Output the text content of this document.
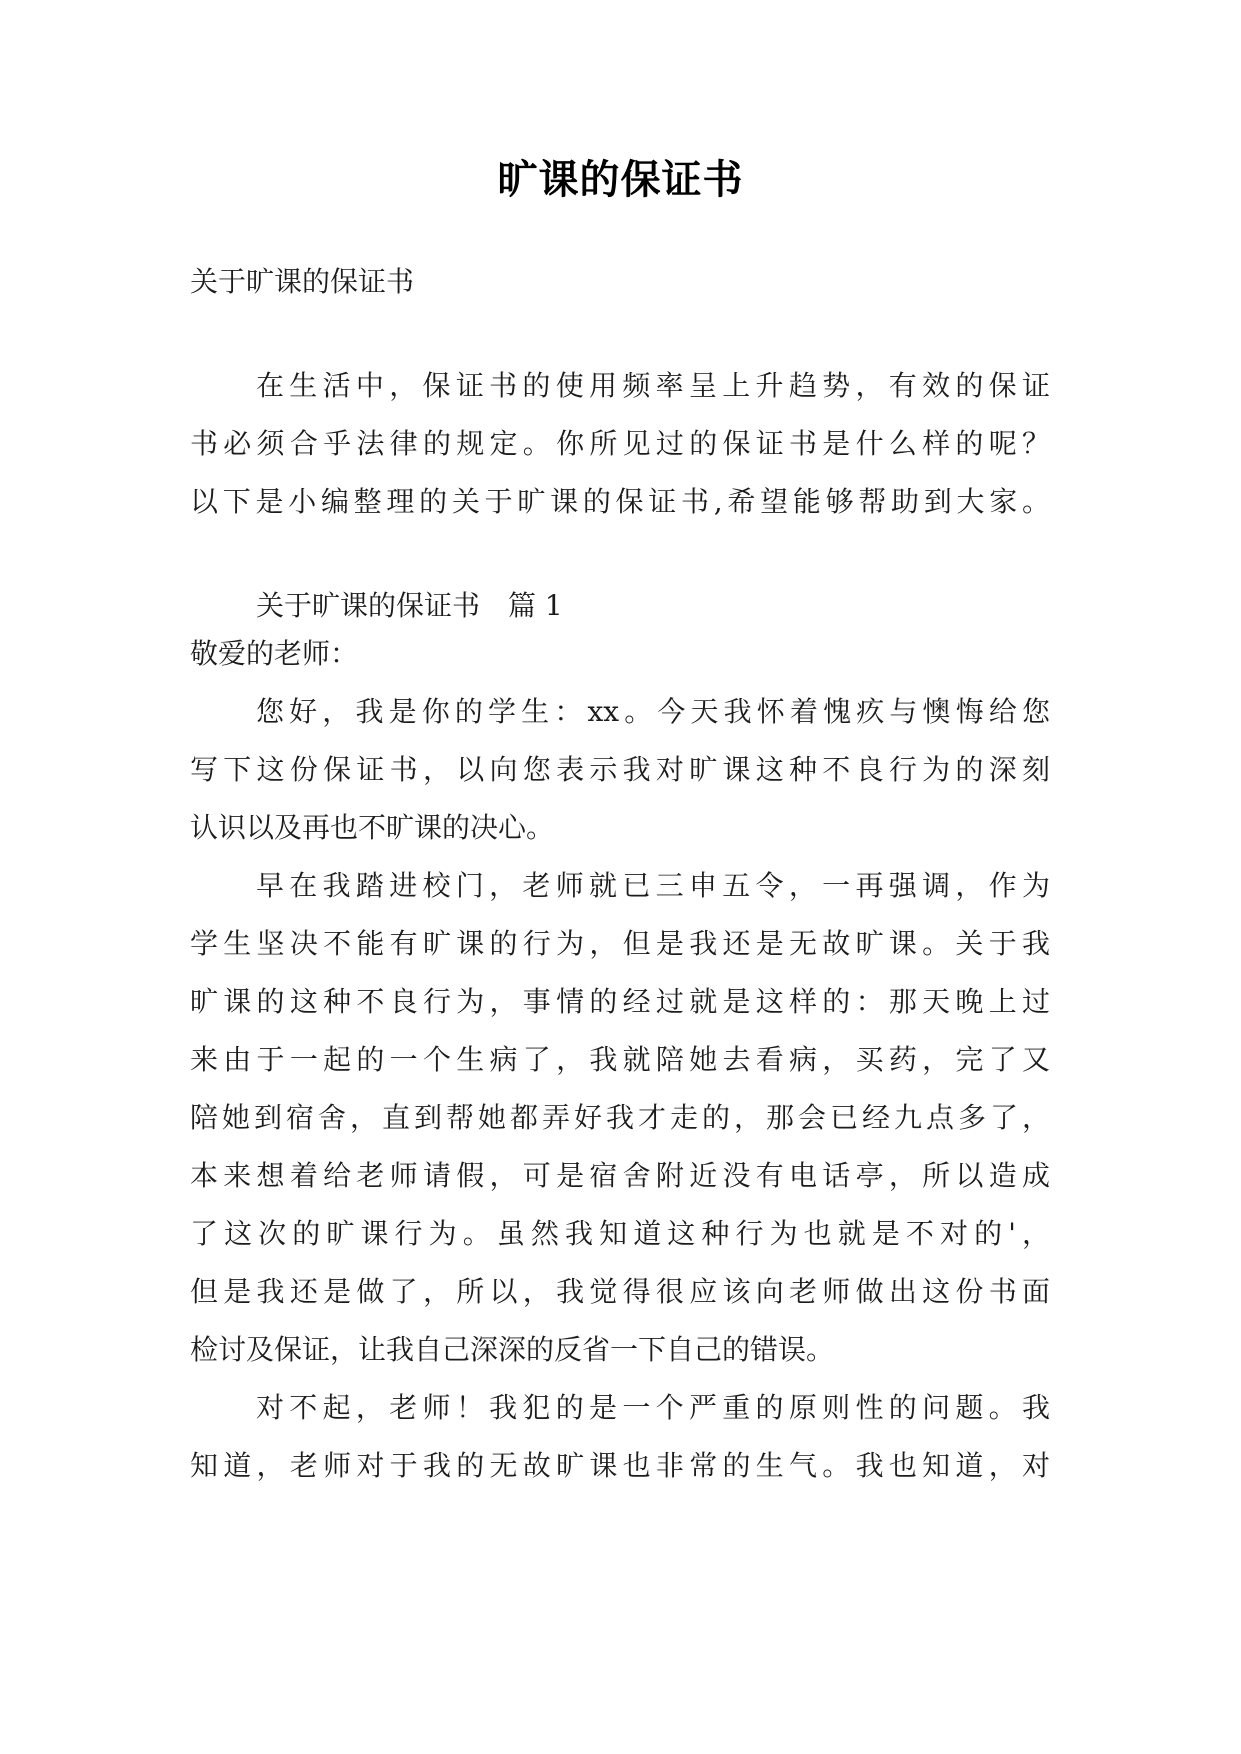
旷课的保证书
关于旷课的保证书
在生活中，保证书的使用频率呈上升趋势，有效的保证
书必须合乎法律的规定。你所见过的保证书是什么样的呢？
以下是小编整理的关于旷课的保证书,希望能够帮助到大家。
关于旷课的保证书　篇 1
敬爱的老师：
您好，我是你的学生：xx。今天我怀着愧疚与懊悔给您
写下这份保证书，以向您表示我对旷课这种不良行为的深刻
认识以及再也不旷课的决心。
早在我踏进校门，老师就已三申五令，一再强调，作为
学生坚决不能有旷课的行为，但是我还是无故旷课。关于我
旷课的这种不良行为，事情的经过就是这样的：那天晚上过
来由于一起的一个生病了，我就陪她去看病，买药，完了又
陪她到宿舍，直到帮她都弄好我才走的，那会已经九点多了，
本来想着给老师请假，可是宿舍附近没有电话亭，所以造成
了这次的旷课行为。虽然我知道这种行为也就是不对的'，
但是我还是做了，所以，我觉得很应该向老师做出这份书面
检讨及保证，让我自己深深的反省一下自己的错误。
对不起，老师！我犯的是一个严重的原则性的问题。我
知道，老师对于我的无故旷课也非常的生气。我也知道，对
